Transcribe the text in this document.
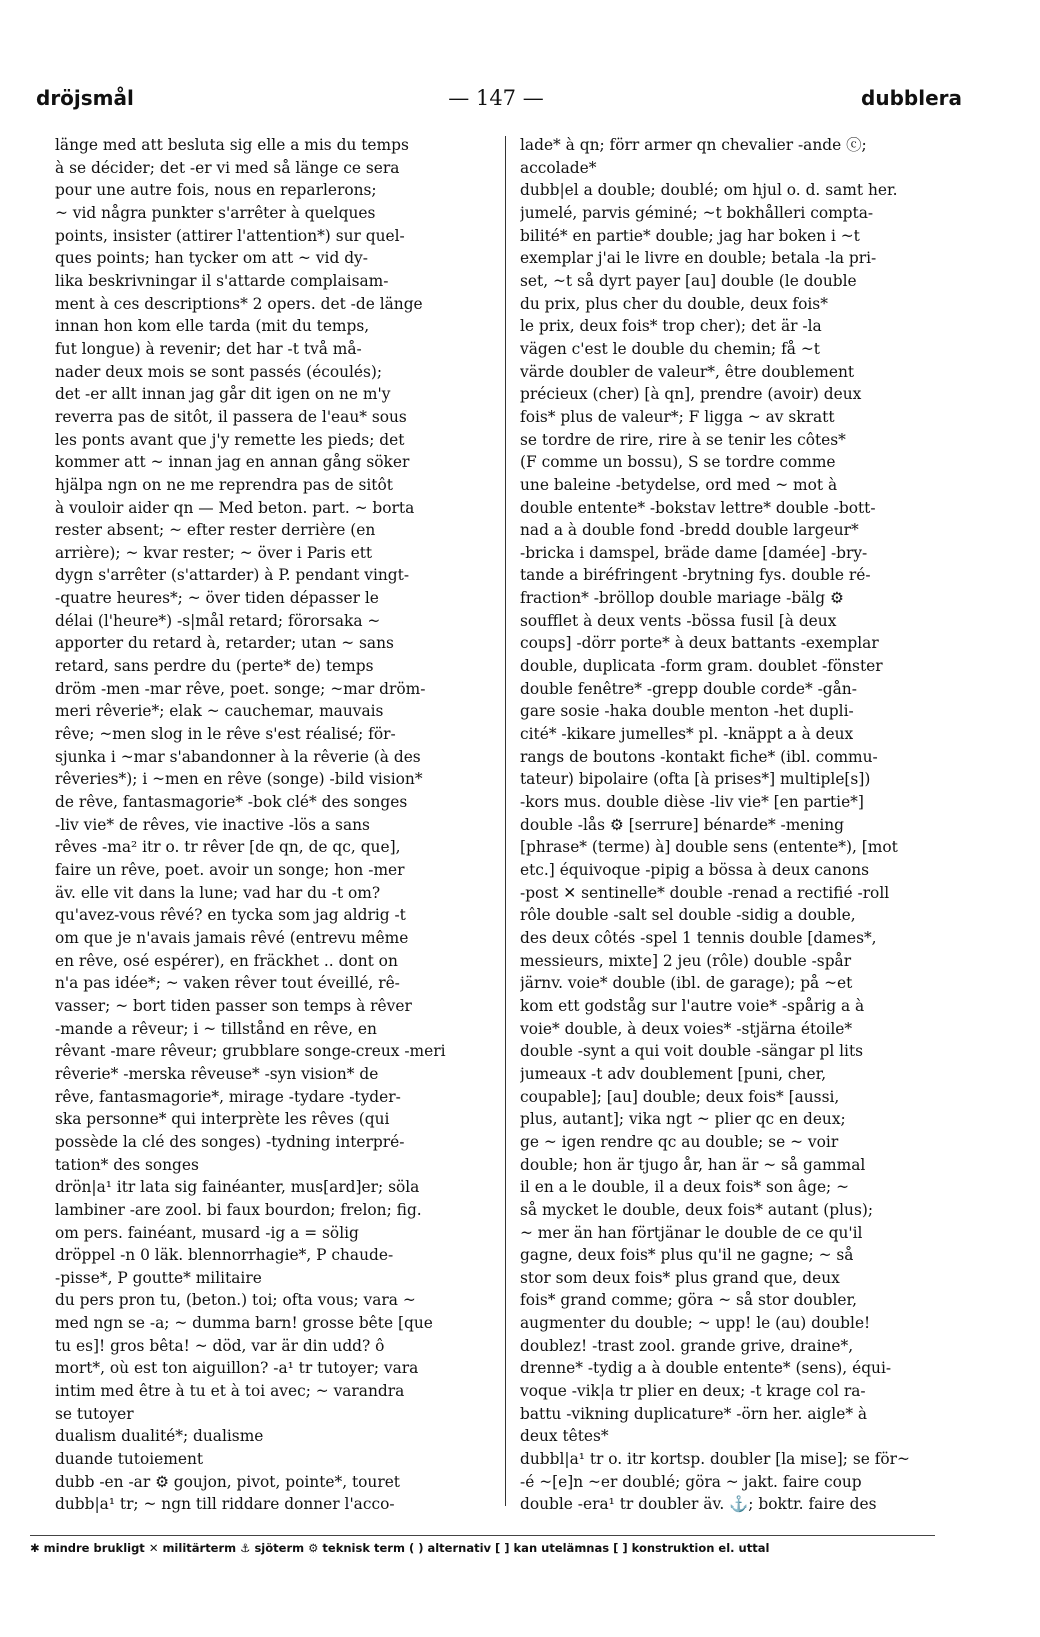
dröjsmål	— 147 —	dubblera

länge med att besluta sig elle a mis du temps

à se décider; det -er vi med så länge ce sera

pour une autre fois, nous en reparlerons;

~ vid några punkter s'arrêter à quelques

points, insister (attirer l'attention*) sur quel-

ques points; han tycker om att ~ vid dy-

lika beskrivningar il s'attarde complaisam-

ment à ces descriptions* 2 opers. det -de länge

innan hon kom elle tarda (mit du temps,

fut longue) à revenir; det har -t två må-

nader deux mois se sont passés (écoulés);

det -er allt innan jag går dit igen on ne m'y

reverra pas de sitôt, il passera de l'eau* sous

les ponts avant que j'y remette les pieds; det

kommer att ~ innan jag en annan gång söker

hjälpa ngn on ne me reprendra pas de sitôt

à vouloir aider qn — Med beton. part. ~ borta

rester absent; ~ efter rester derrière (en

arrière); ~ kvar rester; ~ över i Paris ett

dygn s'arrêter (s'attarder) à P. pendant vingt-

-quatre heures*; ~ över tiden dépasser le

délai (l'heure*) -s|mål retard; förorsaka ~

apporter du retard à, retarder; utan ~ sans

retard, sans perdre du (perte* de) temps

dröm -men -mar rêve, poet. songe; ~mar dröm-

meri rêverie*; elak ~ cauchemar, mauvais

rêve; ~men slog in le rêve s'est réalisé; för-

sjunka i ~mar s'abandonner à la rêverie (à des

rêveries*); i ~men en rêve (songe) -bild vision*

de rêve, fantasmagorie* -bok clé* des songes

-liv vie* de rêves, vie inactive -lös a sans

rêves -ma² itr o. tr rêver [de qn, de qc, que],

faire un rêve, poet. avoir un songe; hon -mer

äv. elle vit dans la lune; vad har du -t om?

qu'avez-vous rêvé? en tycka som jag aldrig -t

om que je n'avais jamais rêvé (entrevu même

en rêve, osé espérer), en fräckhet .. dont on

n'a pas idée*; ~ vaken rêver tout éveillé, rê-

vasser; ~ bort tiden passer son temps à rêver

-mande a rêveur; i ~ tillstånd en rêve, en

rêvant -mare rêveur; grubblare songe-creux -meri

rêverie* -merska rêveuse* -syn vision* de

rêve, fantasmagorie*, mirage -tydare -tyder-

ska personne* qui interprète les rêves (qui

possède la clé des songes) -tydning interpré-

tation* des songes

drön|a¹ itr lata sig fainéanter, mus[ard]er; söla

lambiner -are zool. bi faux bourdon; frelon; fig.

om pers. fainéant, musard -ig a = sölig

dröppel -n 0 läk. blennorrhagie*, P chaude-

-pisse*, P goutte* militaire

du pers pron tu, (beton.) toi; ofta vous; vara ~

med ngn se -a; ~ dumma barn! grosse bête [que

tu es]! gros bêta! ~ död, var är din udd? ô

mort*, où est ton aiguillon? -a¹ tr tutoyer; vara

intim med être à tu et à toi avec; ~ varandra

se tutoyer

dualism dualité*; dualisme

duande tutoiement

dubb -en -ar ⚙ goujon, pivot, pointe*, touret

dubb|a¹ tr; ~ ngn till riddare donner l'acco-

lade* à qn; förr armer qn chevalier -ande ⓒ;

accolade*

dubb|el a double; doublé; om hjul o. d. samt her.

jumelé, parvis géminé; ~t bokhålleri compta-

bilité* en partie* double; jag har boken i ~t

exemplar j'ai le livre en double; betala -la pri-

set, ~t så dyrt payer [au] double (le double

du prix, plus cher du double, deux fois*

le prix, deux fois* trop cher); det är -la

vägen c'est le double du chemin; få ~t

värde doubler de valeur*, être doublement

précieux (cher) [à qn], prendre (avoir) deux

fois* plus de valeur*; F ligga ~ av skratt

se tordre de rire, rire à se tenir les côtes*

(F comme un bossu), S se tordre comme

une baleine -betydelse, ord med ~ mot à

double entente* -bokstav lettre* double -bott-

nad a à double fond -bredd double largeur*

-bricka i damspel, bräde dame [damée] -bry-

tande a biréfringent -brytning fys. double ré-

fraction* -bröllop double mariage -bälg ⚙

soufflet à deux vents -bössa fusil [à deux

coups] -dörr porte* à deux battants -exemplar

double, duplicata -form gram. doublet -fönster

double fenêtre* -grepp double corde* -gån-

gare sosie -haka double menton -het dupli-

cité* -kikare jumelles* pl. -knäppt a à deux

rangs de boutons -kontakt fiche* (ibl. commu-

tateur) bipolaire (ofta [à prises*] multiple[s])

-kors mus. double dièse -liv vie* [en partie*]

double -lås ⚙ [serrure] bénarde* -mening

[phrase* (terme) à] double sens (entente*), [mot

etc.] équivoque -pipig a bössa à deux canons

-post ✕ sentinelle* double -renad a rectifié -roll

rôle double -salt sel double -sidig a double,

des deux côtés -spel 1 tennis double [dames*,

messieurs, mixte] 2 jeu (rôle) double -spår

järnv. voie* double (ibl. de garage); på ~et

kom ett godståg sur l'autre voie* -spårig a à

voie* double, à deux voies* -stjärna étoile*

double -synt a qui voit double -sängar pl lits

jumeaux -t adv doublement [puni, cher,

coupable]; [au] double; deux fois* [aussi,

plus, autant]; vika ngt ~ plier qc en deux;

ge ~ igen rendre qc au double; se ~ voir

double; hon är tjugo år, han är ~ så gammal

il en a le double, il a deux fois* son âge; ~

så mycket le double, deux fois* autant (plus);

~ mer än han förtjänar le double de ce qu'il

gagne, deux fois* plus qu'il ne gagne; ~ så

stor som deux fois* plus grand que, deux

fois* grand comme; göra ~ så stor doubler,

augmenter du double; ~ upp! le (au) double!

doublez! -trast zool. grande grive, draine*,

drenne* -tydig a à double entente* (sens), équi-

voque -vik|a tr plier en deux; -t krage col ra-

battu -vikning duplicature* -örn her. aigle* à

deux têtes*

dubbl|a¹ tr o. itr kortsp. doubler [la mise]; se för~

-é ~[e]n ~er doublé; göra ~ jakt. faire coup

double -era¹ tr doubler äv. ⚓; boktr. faire des

✱ mindre brukligt ✕ militärterm ⚓ sjöterm ⚙ teknisk term ( ) alternativ [ ] kan utelämnas [ ] konstruktion el. uttal
